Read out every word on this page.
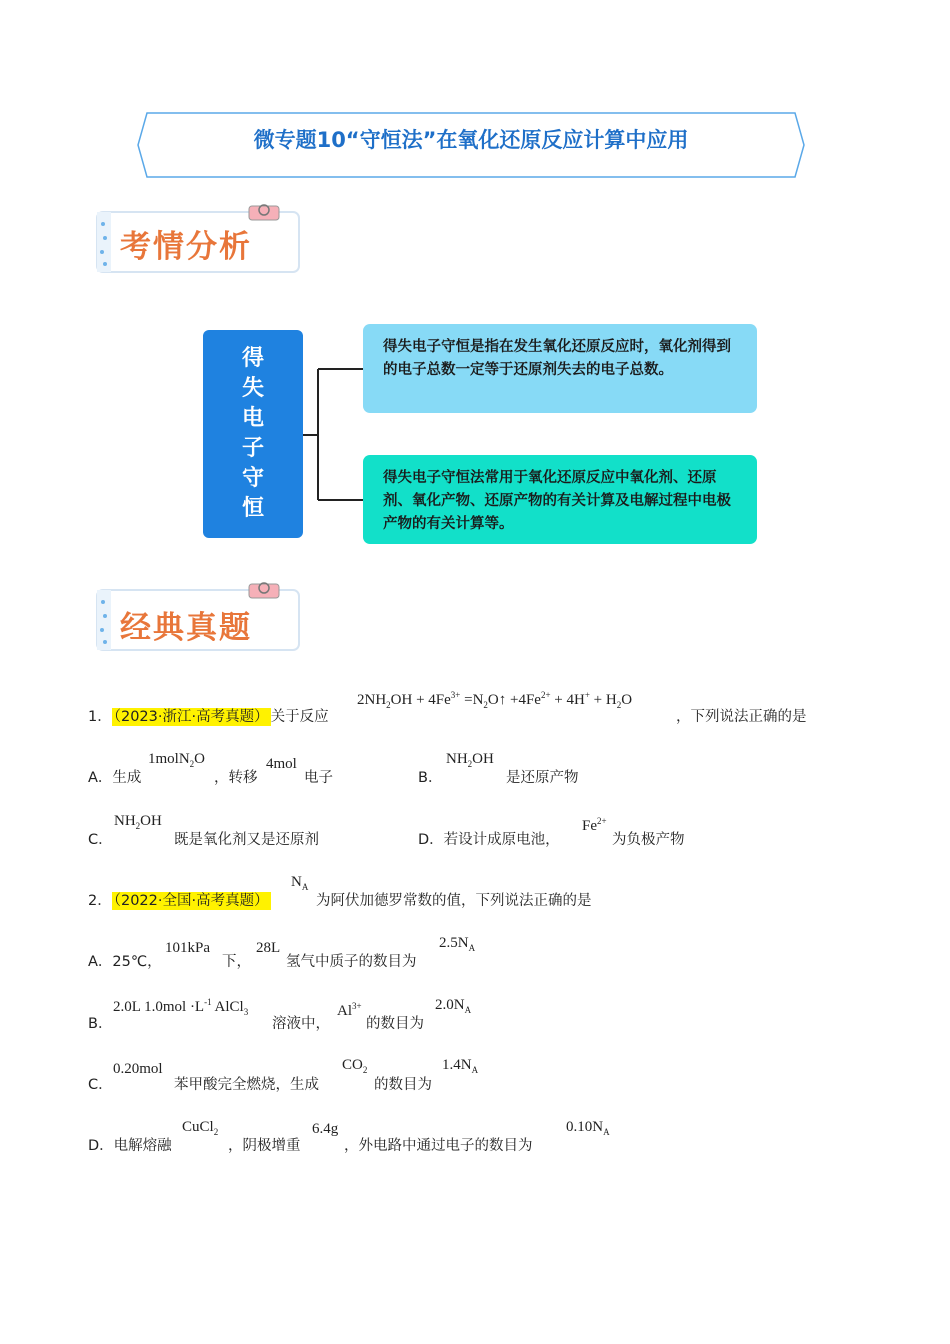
微专题10“守恒法”在氧化还原反应计算中应用
考情分析
得
失
电
子
守
恒
得失电子守恒是指在发生氧化还原反应时，氧化剂得到的电子总数一定等于还原剂失去的电子总数。
得失电子守恒法常用于氧化还原反应中氧化剂、还原剂、氧化产物、还原产物的有关计算及电解过程中电极产物的有关计算等。
经典真题
1． （2023·浙江·高考真题） 关于反应
$2NH_2OH + 4Fe^{3+}$ $=N_2O↑ +4Fe^{2+} + 4H^+ + H_2O$
，下列说法正确的是
A．生成
1molN$_2$O
，转移
4mol
电子	B．
$NH_2OH$
是还原产物
C．
$NH_2OH$
既是氧化剂又是还原剂	D．若设计成原电池，
$Fe^{2+}$
为负极产物
2． （2022·全国·高考真题）
$N_A$
为阿伏加德罗常数的值，下列说法正确的是
A．25℃，
101kPa
下，
28L
氢气中质子的数目为
$2.5N_A$
B．
2.0L $1.0mol \cdot L^{-1}$ AlCl$_3$
溶液中，
$Al^{3+}$
的数目为
$2.0N_A$
C．
0.20mol
苯甲酸完全燃烧，生成
$CO_2$
的数目为
$1.4N_A$
D．电解熔融
CuCl$_2$
，阴极增重
6.4g
，外电路中通过电子的数目为
$0.10N_A$
